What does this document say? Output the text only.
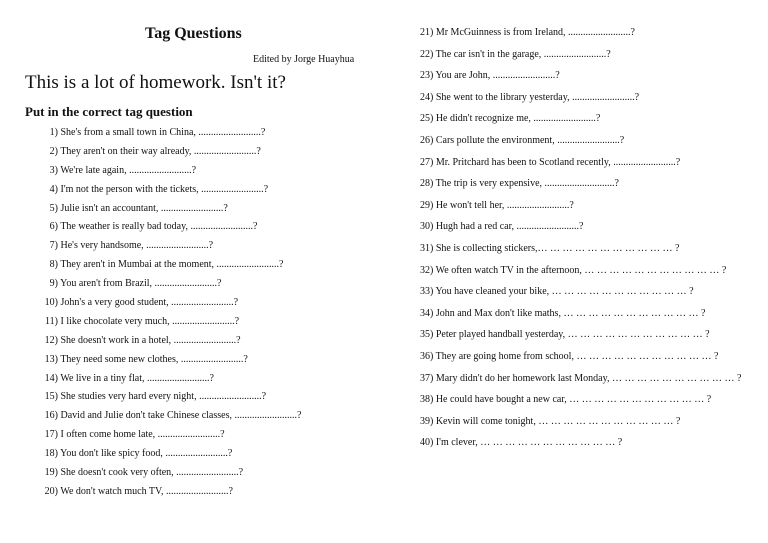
Tag Questions
Edited by Jorge Huayhua
This is a lot of homework. Isn't it?
Put in the correct tag question
1) She's from a small town in China, .........................?
2) They aren't on their way already, .........................?
3) We're late again, .........................?
4) I'm not the person with the tickets, .........................?
5) Julie isn't an accountant, .........................?
6) The weather is really bad today, .........................?
7) He's very handsome, .........................?
8) They aren't in Mumbai at the moment, .........................?
9) You aren't from Brazil, .........................?
10) John's a very good student, .........................?
11) I like chocolate very much, .........................?
12) She doesn't work in a hotel, .........................?
13) They need some new clothes, .........................?
14) We live in a tiny flat, .........................?
15) She studies very hard every night, .........................?
16) David and Julie don't take Chinese classes, .........................?
17) I often come home late, .........................?
18) You don't like spicy food, .........................?
19) She doesn't cook very often, .........................?
20) We don't watch much TV, .........................?
21) Mr McGuinness is from Ireland, .........................?
22) The car isn't in the garage, .........................?
23) You are John, .........................?
24) She went to the library yesterday, .........................?
25) He didn't recognize me, .........................?
26) Cars pollute the environment, .........................?
27) Mr. Pritchard has been to Scotland recently, .........................?
28) The trip is very expensive, ............................?
29) He won't tell her, .........................?
30) Hugh had a red car, .........................?
31) She is collecting stickers,… … … … … … … … … … … ?
32) We often watch TV in the afternoon, … … … … … … … … … … … ?
33) You have cleaned your bike, … … … … … … … … … … … ?
34) John and Max don't like maths, … … … … … … … … … … … ?
35) Peter played handball yesterday, … … … … … … … … … … … ?
36) They are going home from school, … … … … … … … … … … … ?
37) Mary didn't do her homework last Monday, … … … … … … … … … … ?
38) He could have bought a new car, … … … … … … … … … … … ?
39) Kevin will come tonight, … … … … … … … … … … … ?
40) I'm clever, … … … … … … … … … … … ?
